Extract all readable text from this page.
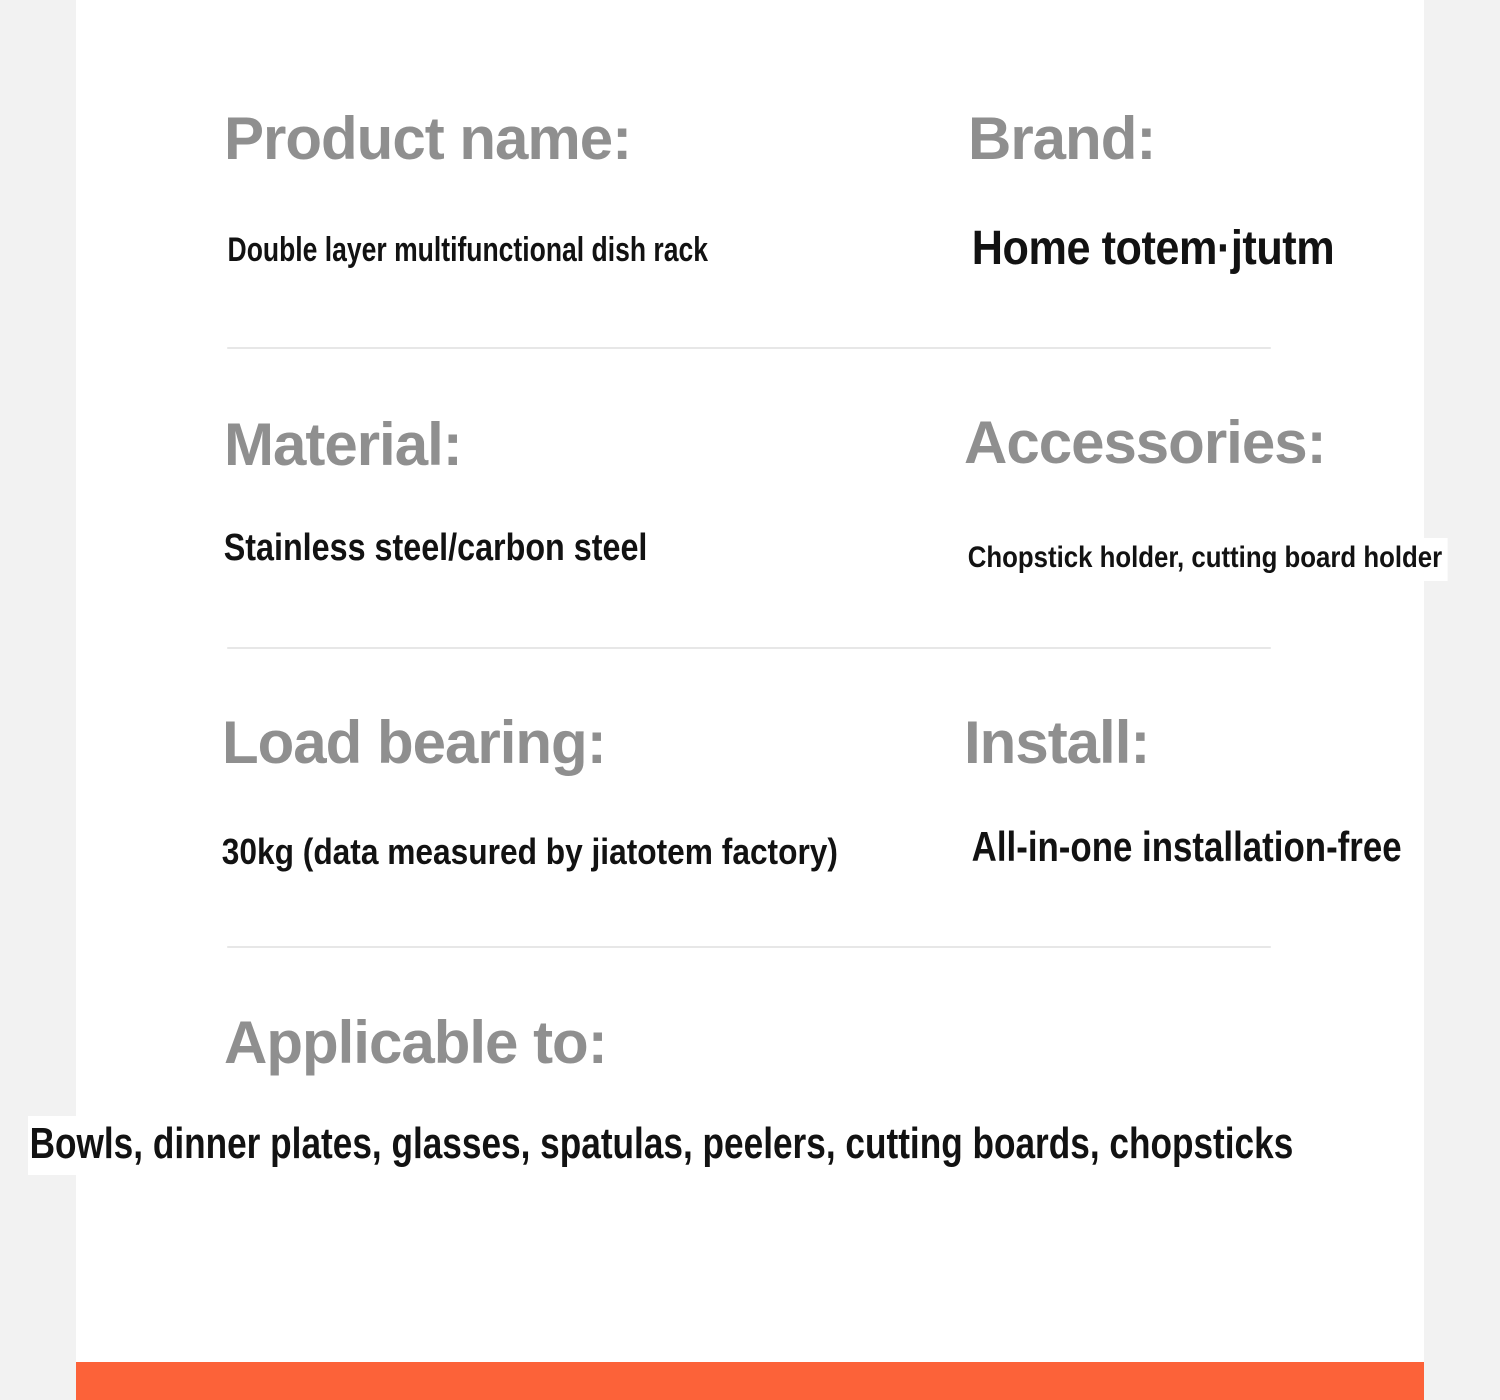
Product name:
Double layer multifunctional dish rack
Brand:
Home totem·jtutm
Material:
Stainless steel/carbon steel
Accessories:
Chopstick holder, cutting board holder
Load bearing:
30kg (data measured by jiatotem factory)
Install:
All-in-one installation-free
Applicable to:
Bowls, dinner plates, glasses, spatulas, peelers, cutting boards, chopsticks
